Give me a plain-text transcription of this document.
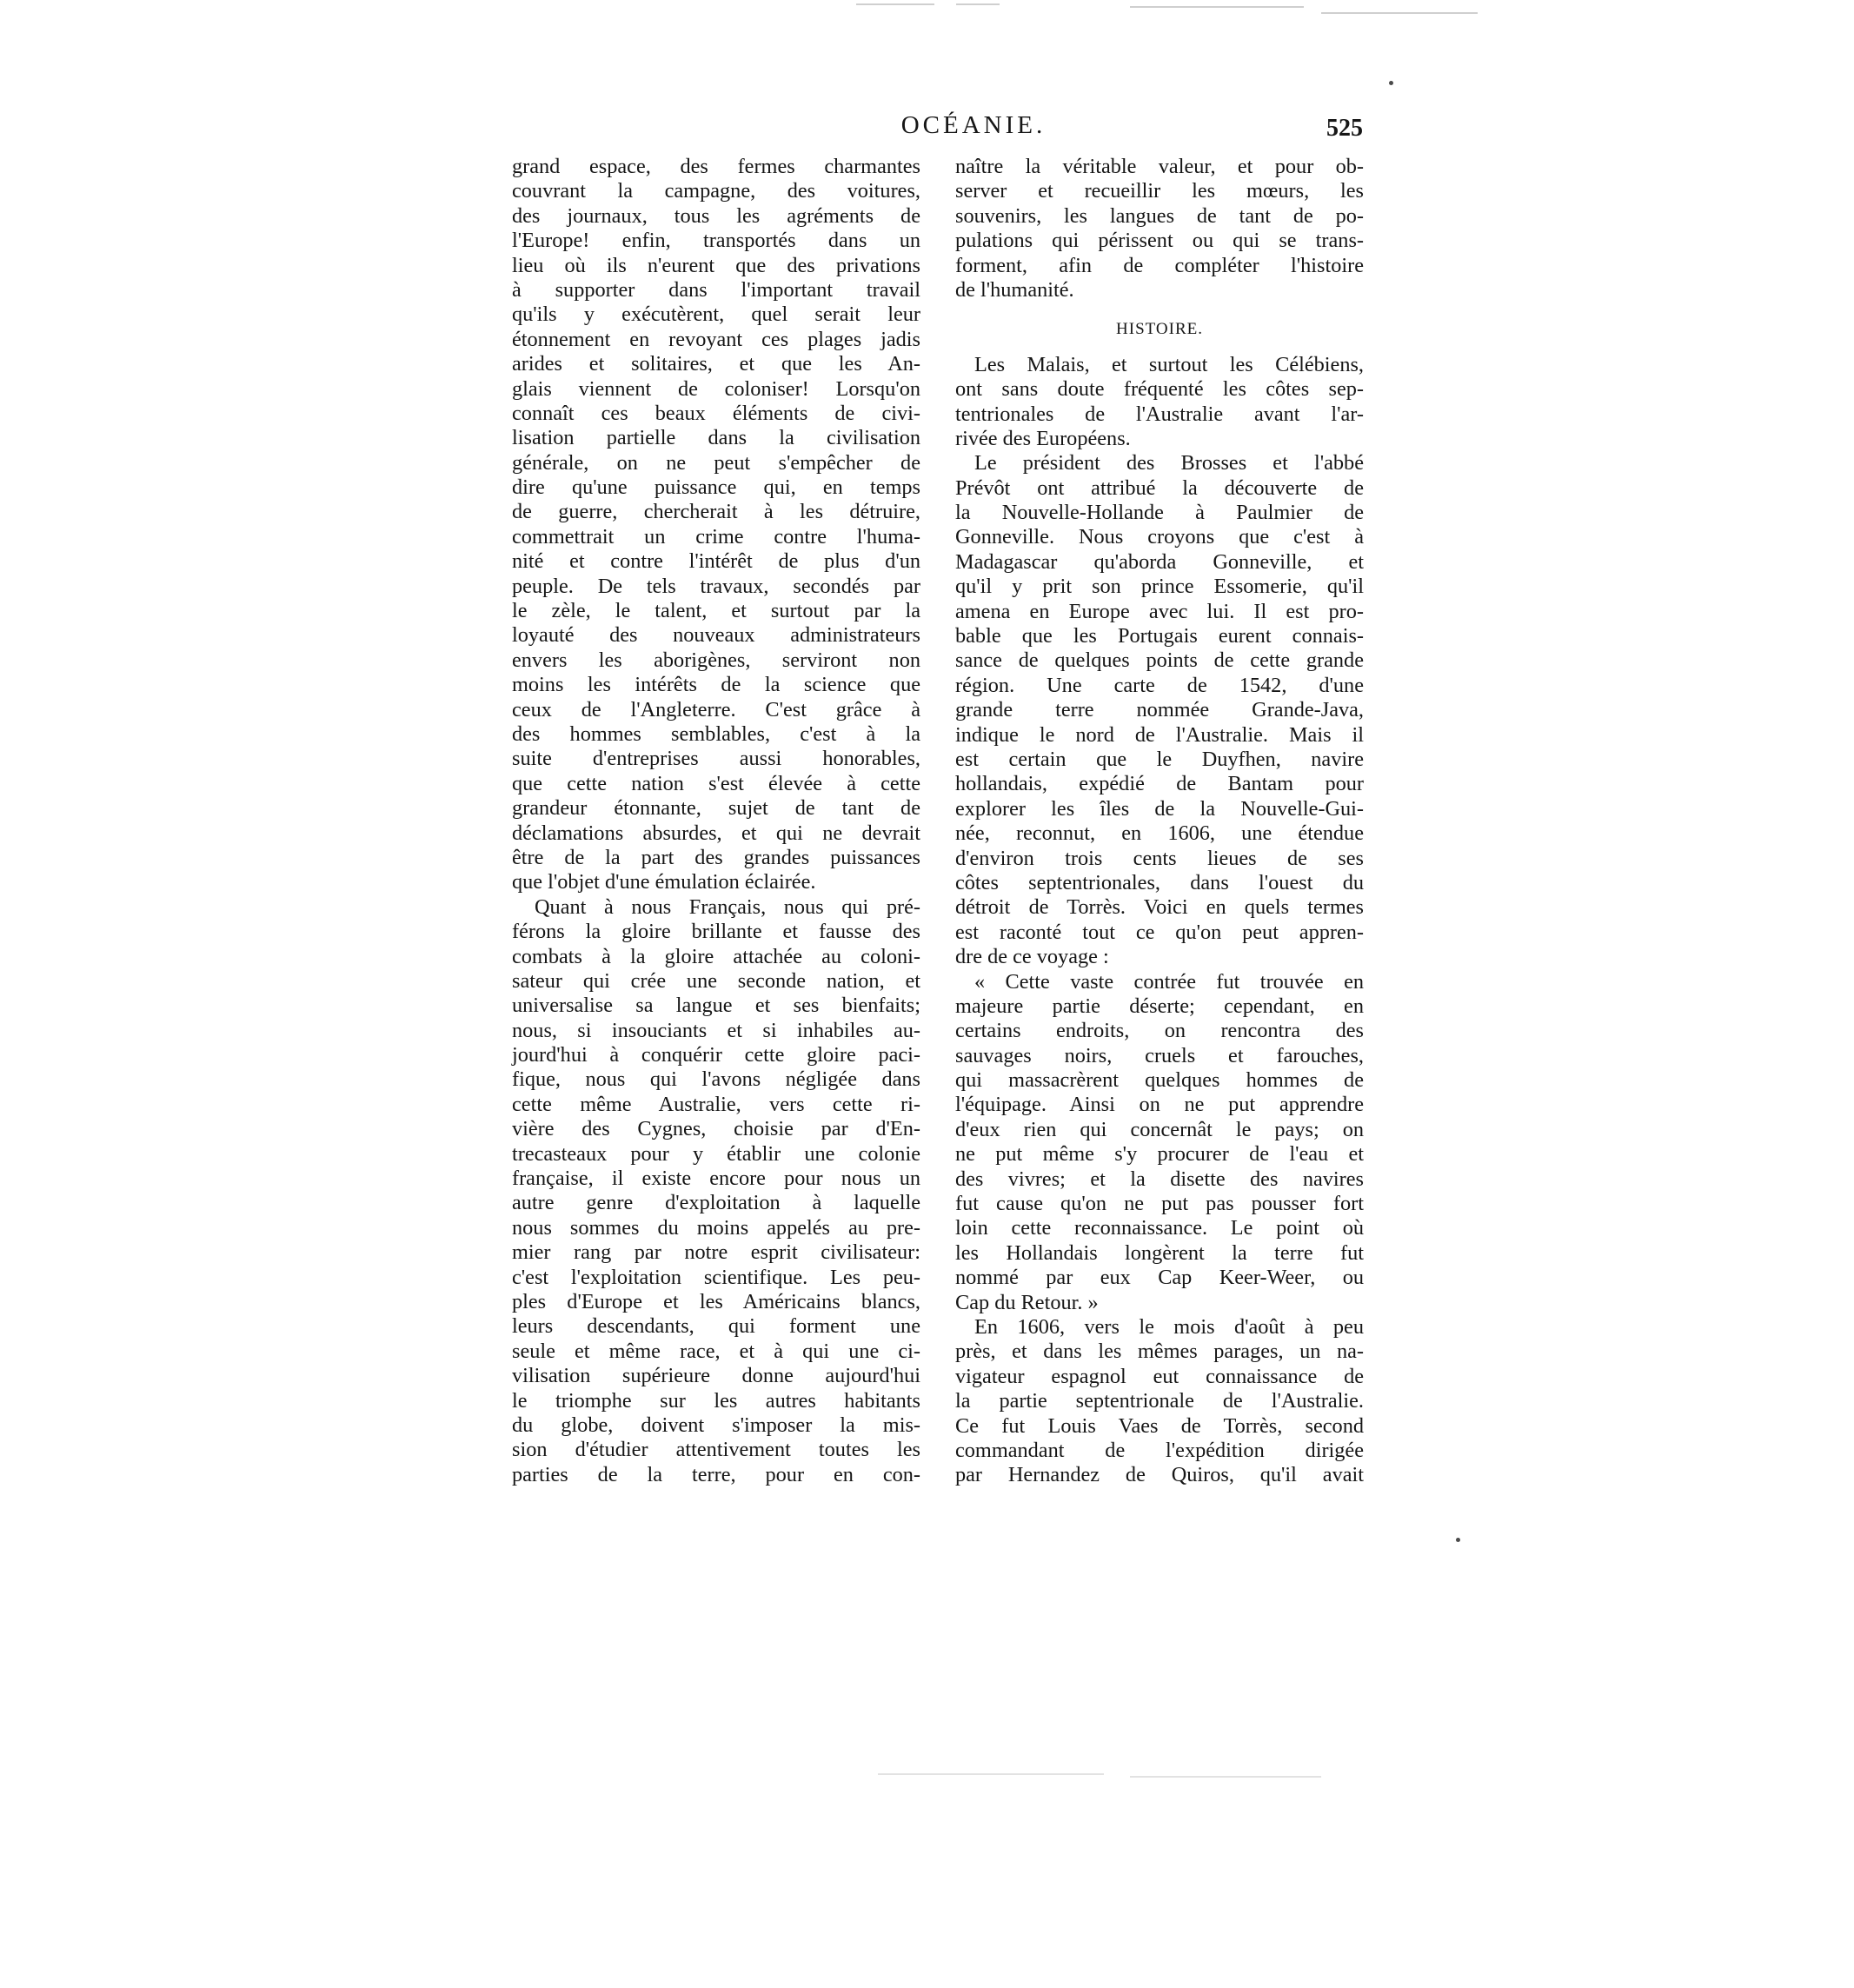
OCÉANIE.	525
grand espace, des fermes charmantes
couvrant la campagne, des voitures,
des journaux, tous les agréments de
l'Europe! enfin, transportés dans un
lieu où ils n'eurent que des privations
à supporter dans l'important travail
qu'ils y exécutèrent, quel serait leur
étonnement en revoyant ces plages jadis
arides et solitaires, et que les An-
glais viennent de coloniser! Lorsqu'on
connaît ces beaux éléments de civi-
lisation partielle dans la civilisation
générale, on ne peut s'empêcher de
dire qu'une puissance qui, en temps
de guerre, chercherait à les détruire,
commettrait un crime contre l'huma-
nité et contre l'intérêt de plus d'un
peuple. De tels travaux, secondés par
le zèle, le talent, et surtout par la
loyauté des nouveaux administrateurs
envers les aborigènes, serviront non
moins les intérêts de la science que
ceux de l'Angleterre. C'est grâce à
des hommes semblables, c'est à la
suite d'entreprises aussi honorables,
que cette nation s'est élevée à cette
grandeur étonnante, sujet de tant de
déclamations absurdes, et qui ne devrait
être de la part des grandes puissances
que l'objet d'une émulation éclairée.
Quant à nous Français, nous qui pré-
férons la gloire brillante et fausse des
combats à la gloire attachée au coloni-
sateur qui crée une seconde nation, et
universalise sa langue et ses bienfaits;
nous, si insouciants et si inhabiles au-
jourd'hui à conquérir cette gloire paci-
fique, nous qui l'avons négligée dans
cette même Australie, vers cette ri-
vière des Cygnes, choisie par d'En-
trecasteaux pour y établir une colonie
française, il existe encore pour nous un
autre genre d'exploitation à laquelle
nous sommes du moins appelés au pre-
mier rang par notre esprit civilisateur:
c'est l'exploitation scientifique. Les peu-
ples d'Europe et les Américains blancs,
leurs descendants, qui forment une
seule et même race, et à qui une ci-
vilisation supérieure donne aujourd'hui
le triomphe sur les autres habitants
du globe, doivent s'imposer la mis-
sion d'étudier attentivement toutes les
parties de la terre, pour en con-
naître la véritable valeur, et pour ob-
server et recueillir les mœurs, les
souvenirs, les langues de tant de po-
pulations qui périssent ou qui se trans-
forment, afin de compléter l'histoire
de l'humanité.
HISTOIRE.
Les Malais, et surtout les Célébiens,
ont sans doute fréquenté les côtes sep-
tentrionales de l'Australie avant l'ar-
rivée des Européens.
Le président des Brosses et l'abbé
Prévôt ont attribué la découverte de
la Nouvelle-Hollande à Paulmier de
Gonneville. Nous croyons que c'est à
Madagascar qu'aborda Gonneville, et
qu'il y prit son prince Essomerie, qu'il
amena en Europe avec lui. Il est pro-
bable que les Portugais eurent connais-
sance de quelques points de cette grande
région. Une carte de 1542, d'une
grande terre nommée Grande-Java,
indique le nord de l'Australie. Mais il
est certain que le Duyfhen, navire
hollandais, expédié de Bantam pour
explorer les îles de la Nouvelle-Gui-
née, reconnut, en 1606, une étendue
d'environ trois cents lieues de ses
côtes septentrionales, dans l'ouest du
détroit de Torrès. Voici en quels termes
est raconté tout ce qu'on peut appren-
dre de ce voyage :
« Cette vaste contrée fut trouvée en
majeure partie déserte; cependant, en
certains endroits, on rencontra des
sauvages noirs, cruels et farouches,
qui massacrèrent quelques hommes de
l'équipage. Ainsi on ne put apprendre
d'eux rien qui concernât le pays; on
ne put même s'y procurer de l'eau et
des vivres; et la disette des navires
fut cause qu'on ne put pas pousser fort
loin cette reconnaissance. Le point où
les Hollandais longèrent la terre fut
nommé par eux Cap Keer-Weer, ou
Cap du Retour. »
En 1606, vers le mois d'août à peu
près, et dans les mêmes parages, un na-
vigateur espagnol eut connaissance de
la partie septentrionale de l'Australie.
Ce fut Louis Vaes de Torrès, second
commandant de l'expédition dirigée
par Hernandez de Quiros, qu'il avait
